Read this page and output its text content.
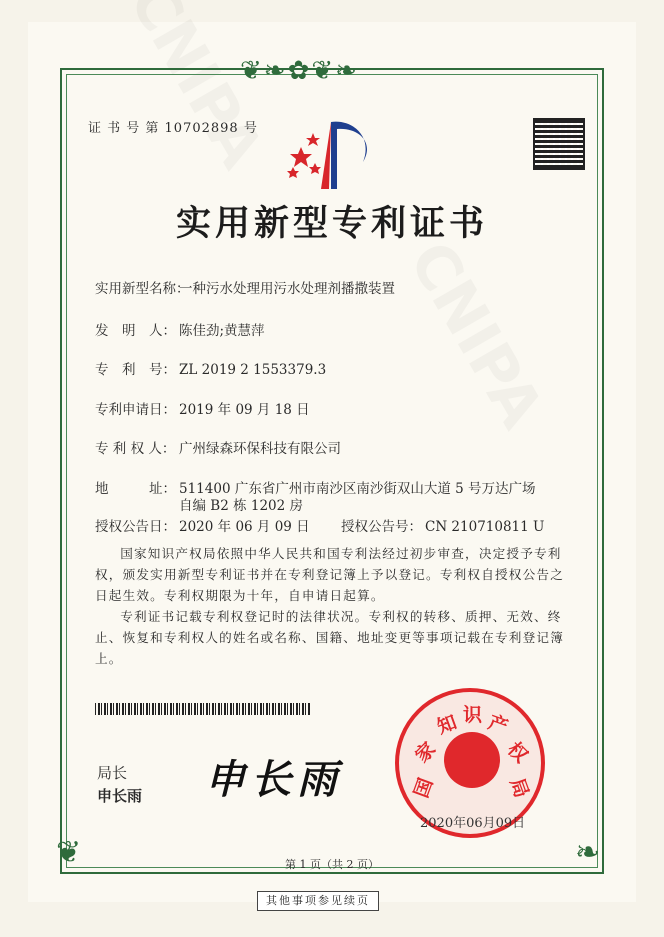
❦❧✿❦❧
❦	❧
证 书 号 第 10702898 号
实用新型专利证书
实用新型名称：一种污水处理用污水处理剂播撒装置
发　明　人： 陈佳劲;黄慧萍
专　利　号： ZL 2019 2 1553379.3
专利申请日： 2019 年 09 月 18 日
专 利 权 人： 广州绿森环保科技有限公司
地　　　址： 511400 广东省广州市南沙区南沙街双山大道 5 号万达广场
自编 B2 栋 1202 房
授权公告日： 2020 年 06 月 09 日 授权公告号： CN 210710811 U

国家知识产权局依照中华人民共和国专利法经过初步审查，决定授予专利权，颁发实用新型专利证书并在专利登记簿上予以登记。专利权自授权公告之日起生效。专利权期限为十年，自申请日起算。

专利证书记载专利权登记时的法律状况。专利权的转移、质押、无效、终止、恢复和专利权人的姓名或名称、国籍、地址变更等事项记载在专利登记簿上。

局长
申长雨 申长雨	国
家
知 识 产
权
局
2020年06月09日
第 1 页（共 2 页）
其他事项参见续页
